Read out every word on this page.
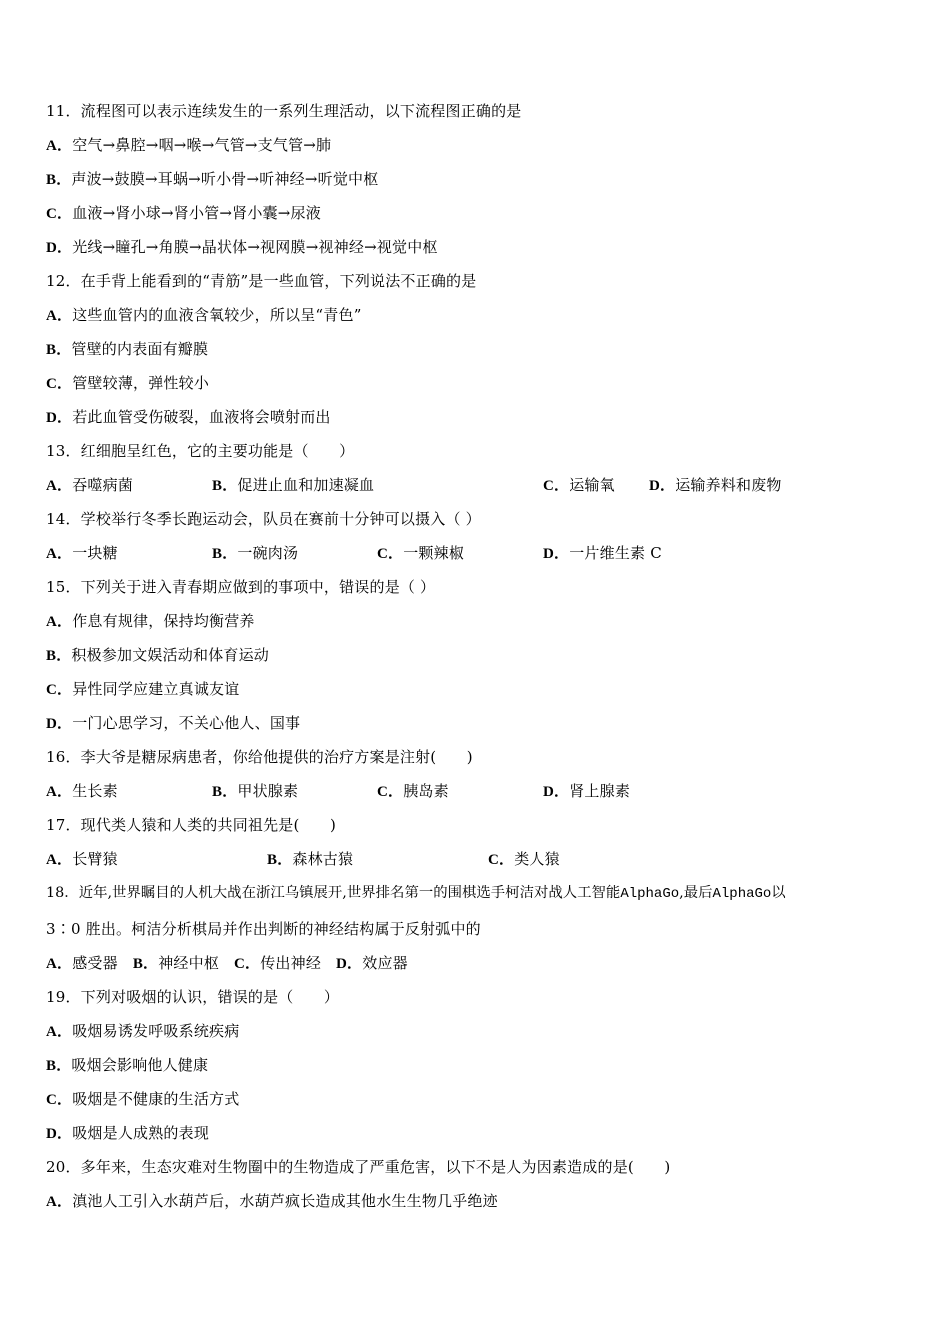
11．流程图可以表示连续发生的一系列生理活动，以下流程图正确的是
A．空气→鼻腔→咽→喉→气管→支气管→肺
B．声波→鼓膜→耳蜗→听小骨→听神经→听觉中枢
C．血液→肾小球→肾小管→肾小囊→尿液
D．光线→瞳孔→角膜→晶状体→视网膜→视神经→视觉中枢
12．在手背上能看到的“青筋”是一些血管，下列说法不正确的是
A．这些血管内的血液含氧较少，所以呈“青色”
B．管壁的内表面有瓣膜
C．管壁较薄，弹性较小
D．若此血管受伤破裂，血液将会喷射而出
13．红细胞呈红色，它的主要功能是（　　）
A．吞噬病菌	B．促进止血和加速凝血	C．运输氧 D．运输养料和废物
14．学校举行冬季长跑运动会，队员在赛前十分钟可以摄入（ ）
A．一块糖	B．一碗肉汤	C．一颗辣椒	D．一片维生素 C
15．下列关于进入青春期应做到的事项中，错误的是（ ）
A．作息有规律，保持均衡营养
B．积极参加文娱活动和体育运动
C．异性同学应建立真诚友谊
D．一门心思学习，不关心他人、国事
16．李大爷是糖尿病患者，你给他提供的治疗方案是注射(　　)
A．生长素	B．甲状腺素	C．胰岛素	D．肾上腺素
17．现代类人猿和人类的共同祖先是(　　)
A．长臂猿	B．森林古猿	C．类人猿
18．近年,世界瞩目的人机大战在浙江乌镇展开,世界排名第一的围棋选手柯洁对战人工智能AlphaGo,最后AlphaGo以
3∶0 胜出。柯洁分析棋局并作出判断的神经结构属于反射弧中的
A．感受器 B．神经中枢 C．传出神经 D．效应器
19．下列对吸烟的认识，错误的是（　　）
A．吸烟易诱发呼吸系统疾病
B．吸烟会影响他人健康
C．吸烟是不健康的生活方式
D．吸烟是人成熟的表现
20．多年来，生态灾难对生物圈中的生物造成了严重危害，以下不是人为因素造成的是(　　)
A．滇池人工引入水葫芦后，水葫芦疯长造成其他水生生物几乎绝迹
